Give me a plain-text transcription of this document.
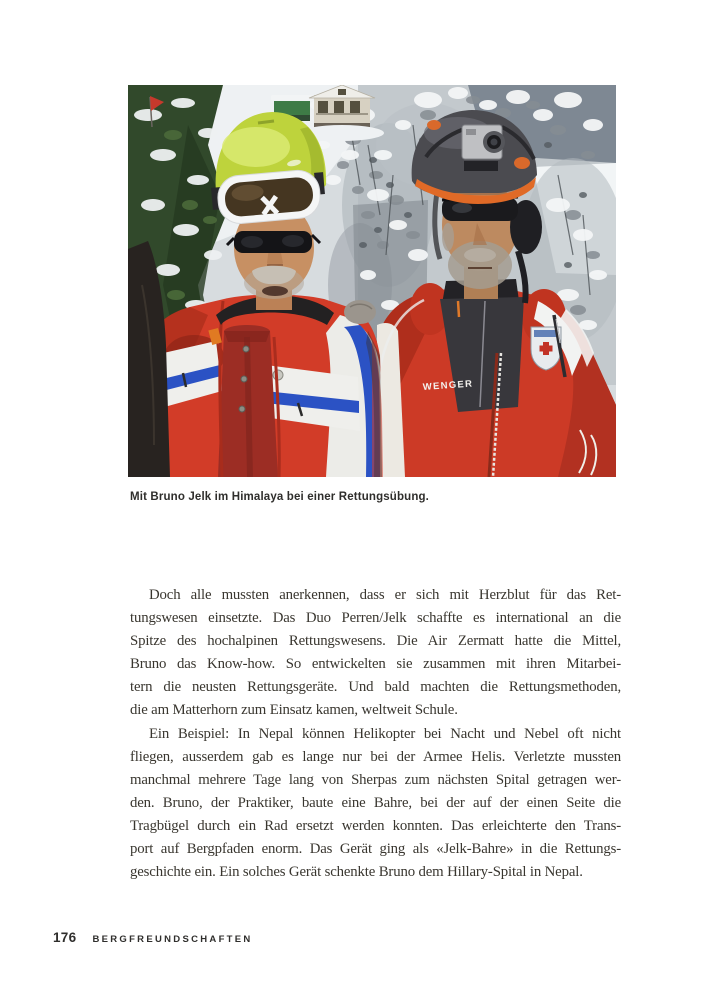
WENGER
Mit Bruno Jelk im Himalaya bei einer Rettungsübung.

Doch alle mussten anerkennen, dass er sich mit Herzblut für das Ret-
tungswesen einsetzte. Das Duo Perren/Jelk schaffte es international an die
Spitze des hochalpinen Rettungswesens. Die Air Zermatt hatte die Mittel,
Bruno das Know-how. So entwickelten sie zusammen mit ihren Mitarbei-
tern die neusten Rettungsgeräte. Und bald machten die Rettungsmethoden,
die am Matterhorn zum Einsatz kamen, weltweit Schule.

Ein Beispiel: In Nepal können Helikopter bei Nacht und Nebel oft nicht
fliegen, ausserdem gab es lange nur bei der Armee Helis. Verletzte mussten
manchmal mehrere Tage lang von Sherpas zum nächsten Spital getragen wer-
den. Bruno, der Praktiker, baute eine Bahre, bei der auf der einen Seite die
Tragbügel durch ein Rad ersetzt werden konnten. Das erleichterte den Trans-
port auf Bergpfaden enorm. Das Gerät ging als «Jelk-Bahre» in die Rettungs-
geschichte ein. Ein solches Gerät schenkte Bruno dem Hillary-Spital in Nepal.

176 BERGFREUNDSCHAFTEN
